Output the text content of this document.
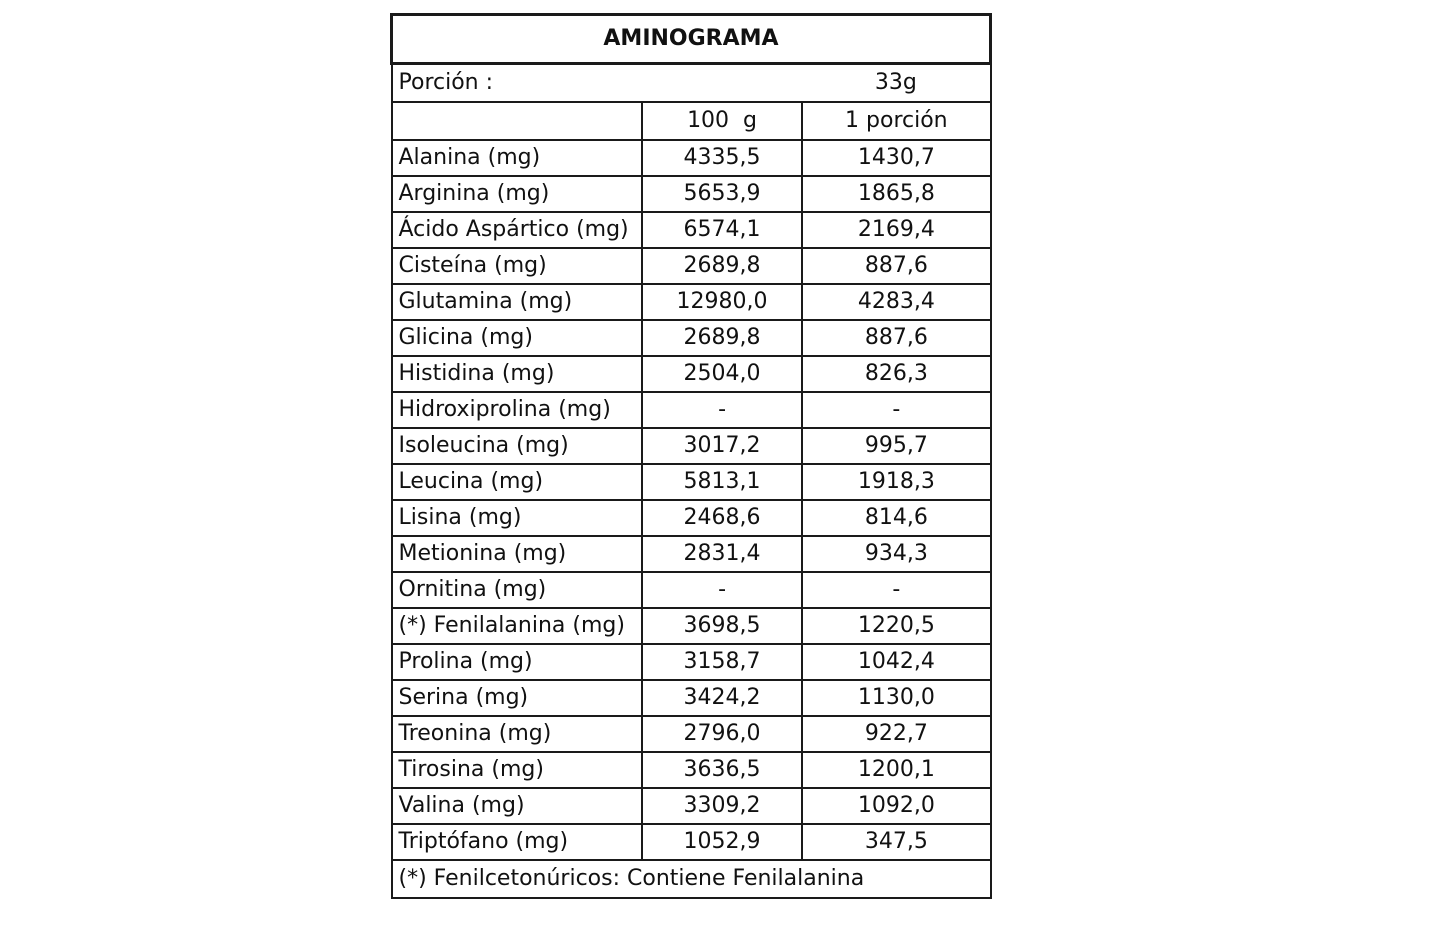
AMINOGRAMA		
Porción :		33g
	100  g	1 porción
Alanina (mg)	4335,5	1430,7
Arginina (mg)	5653,9	1865,8
Ácido Aspártico (mg)	6574,1	2169,4
Cisteína (mg)	2689,8	887,6
Glutamina (mg)	12980,0	4283,4
Glicina (mg)	2689,8	887,6
Histidina (mg)	2504,0	826,3
Hidroxiprolina (mg)	-	-
Isoleucina (mg)	3017,2	995,7
Leucina (mg)	5813,1	1918,3
Lisina (mg)	2468,6	814,6
Metionina (mg)	2831,4	934,3
Ornitina (mg)	-	-
(*) Fenilalanina (mg)	3698,5	1220,5
Prolina (mg)	3158,7	1042,4
Serina (mg)	3424,2	1130,0
Treonina (mg)	2796,0	922,7
Tirosina (mg)	3636,5	1200,1
Valina (mg)	3309,2	1092,0
Triptófano (mg)	1052,9	347,5
(*) Fenilcetonúricos: Contiene Fenilalanina		
